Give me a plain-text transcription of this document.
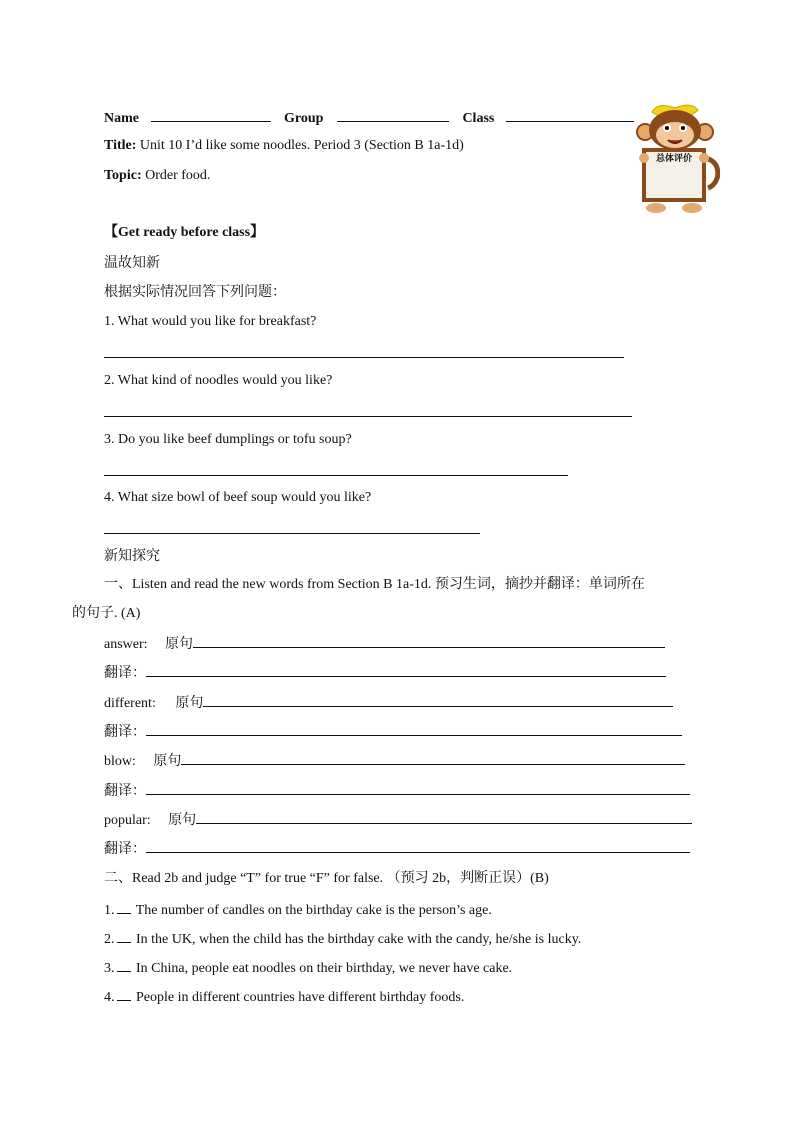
Name	Group	Class
Title: Unit 10 I’d like some noodles. Period 3 (Section B 1a-1d)
Topic: Order food.
总体评价
【Get ready before class】
温故知新
根据实际情况回答下列问题：
1. What would you like for breakfast?
2. What kind of noodles would you like?
3. Do you like beef dumplings or tofu soup?
4. What size bowl of beef soup would you like?
新知探究
一、Listen and read the new words from Section B 1a-1d. 预习生词，摘抄并翻译：单词所在
的句子. (A)
answer: 原句
翻译：
different: 原句
翻译：
blow: 原句
翻译：
popular: 原句
翻译：
二、Read 2b and judge “T” for true “F” for false. （预习 2b，判断正误）(B)
1. The number of candles on the birthday cake is the person’s age.
2. In the UK, when the child has the birthday cake with the candy, he/she is lucky.
3. In China, people eat noodles on their birthday, we never have cake.
4. People in different countries have different birthday foods.
